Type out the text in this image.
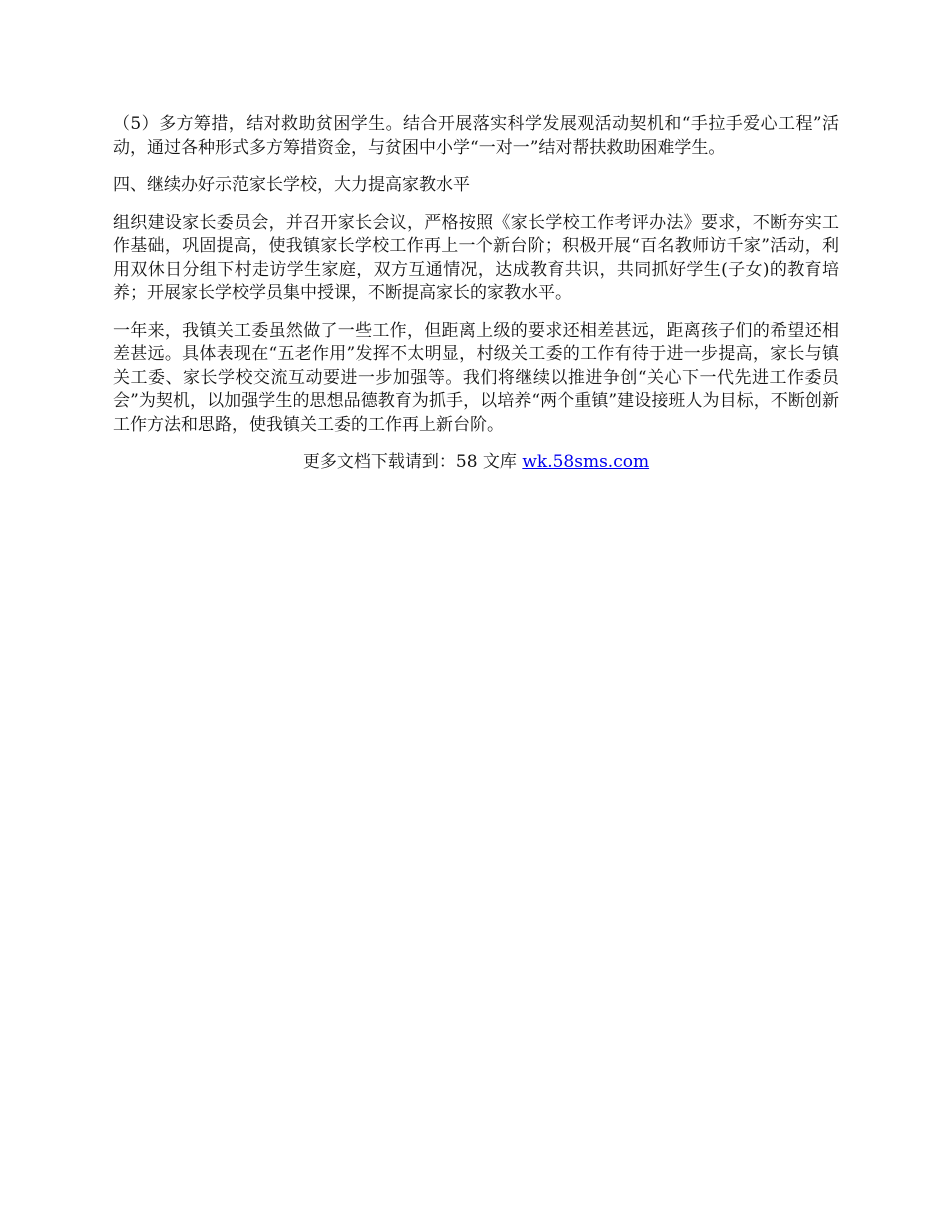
（5）多方筹措，结对救助贫困学生。结合开展落实科学发展观活动契机和“手拉手爱心工程”活动，通过各种形式多方筹措资金，与贫困中小学“一对一”结对帮扶救助困难学生。

四、继续办好示范家长学校，大力提高家教水平

组织建设家长委员会，并召开家长会议，严格按照《家长学校工作考评办法》要求，不断夯实工作基础，巩固提高，使我镇家长学校工作再上一个新台阶；积极开展“百名教师访千家”活动，利用双休日分组下村走访学生家庭，双方互通情况，达成教育共识，共同抓好学生(子女)的教育培养；开展家长学校学员集中授课，不断提高家长的家教水平。

一年来，我镇关工委虽然做了一些工作，但距离上级的要求还相差甚远，距离孩子们的希望还相差甚远。具体表现在“五老作用”发挥不太明显，村级关工委的工作有待于进一步提高，家长与镇关工委、家长学校交流互动要进一步加强等。我们将继续以推进争创“关心下一代先进工作委员会”为契机，以加强学生的思想品德教育为抓手，以培养“两个重镇”建设接班人为目标，不断创新工作方法和思路，使我镇关工委的工作再上新台阶。

更多文档下载请到：58 文库 wk.58sms.com
